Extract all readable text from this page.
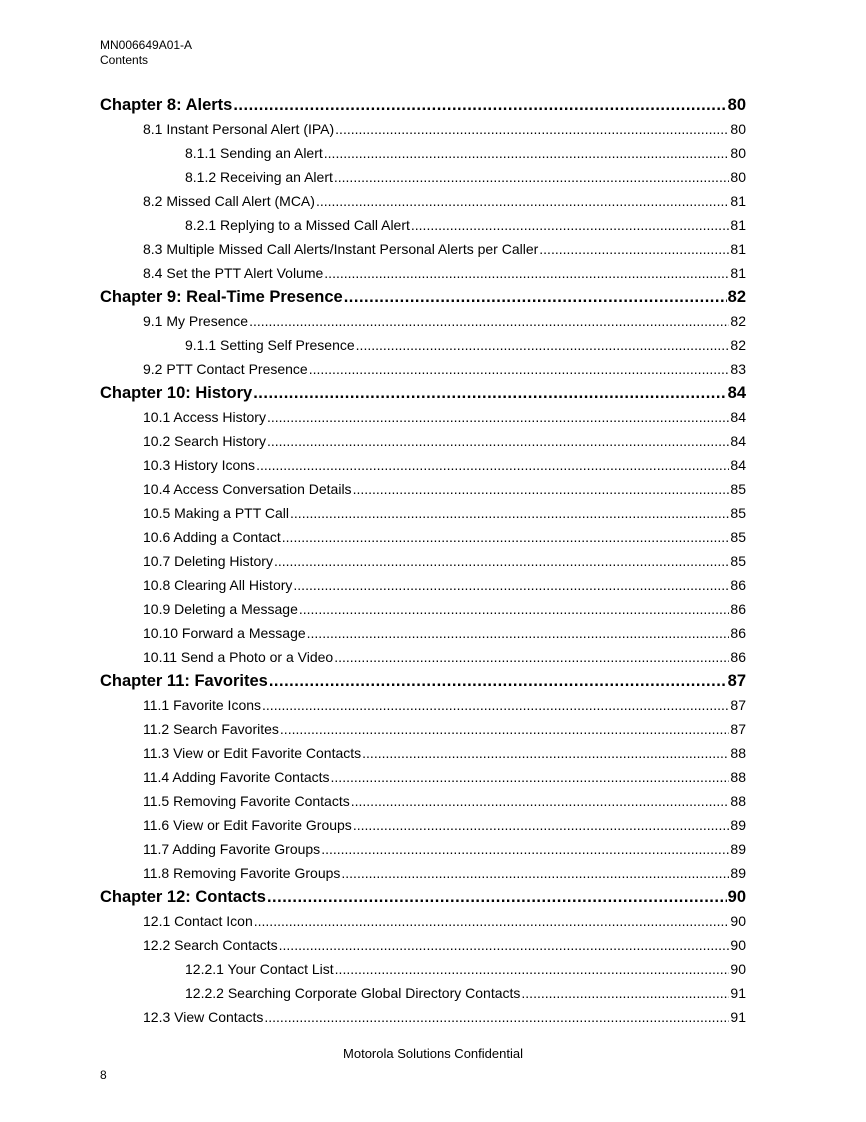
MN006649A01-A
Contents
Chapter 8: Alerts .....	80
8.1 Instant Personal Alert (IPA) .....	80
8.1.1 Sending an Alert .....	80
8.1.2 Receiving an Alert .....	80
8.2 Missed Call Alert (MCA) .....	81
8.2.1 Replying to a Missed Call Alert .....	81
8.3 Multiple Missed Call Alerts/Instant Personal Alerts per Caller .....	81
8.4 Set the PTT Alert Volume .....	81
Chapter 9: Real-Time Presence .....	82
9.1 My Presence .....	82
9.1.1 Setting Self Presence .....	82
9.2 PTT Contact Presence .....	83
Chapter 10: History .....	84
10.1 Access History .....	84
10.2 Search History .....	84
10.3 History Icons .....	84
10.4 Access Conversation Details .....	85
10.5 Making a PTT Call .....	85
10.6 Adding a Contact .....	85
10.7 Deleting History .....	85
10.8 Clearing All History .....	86
10.9 Deleting a Message .....	86
10.10 Forward a Message .....	86
10.11 Send a Photo or a Video .....	86
Chapter 11: Favorites .....	87
11.1 Favorite Icons .....	87
11.2 Search Favorites .....	87
11.3 View or Edit Favorite Contacts .....	88
11.4 Adding Favorite Contacts .....	88
11.5 Removing Favorite Contacts .....	88
11.6 View or Edit Favorite Groups .....	89
11.7 Adding Favorite Groups .....	89
11.8 Removing Favorite Groups .....	89
Chapter 12: Contacts .....	90
12.1 Contact Icon .....	90
12.2 Search Contacts .....	90
12.2.1 Your Contact List .....	90
12.2.2 Searching Corporate Global Directory Contacts .....	91
12.3 View Contacts .....	91
Motorola Solutions Confidential
8
